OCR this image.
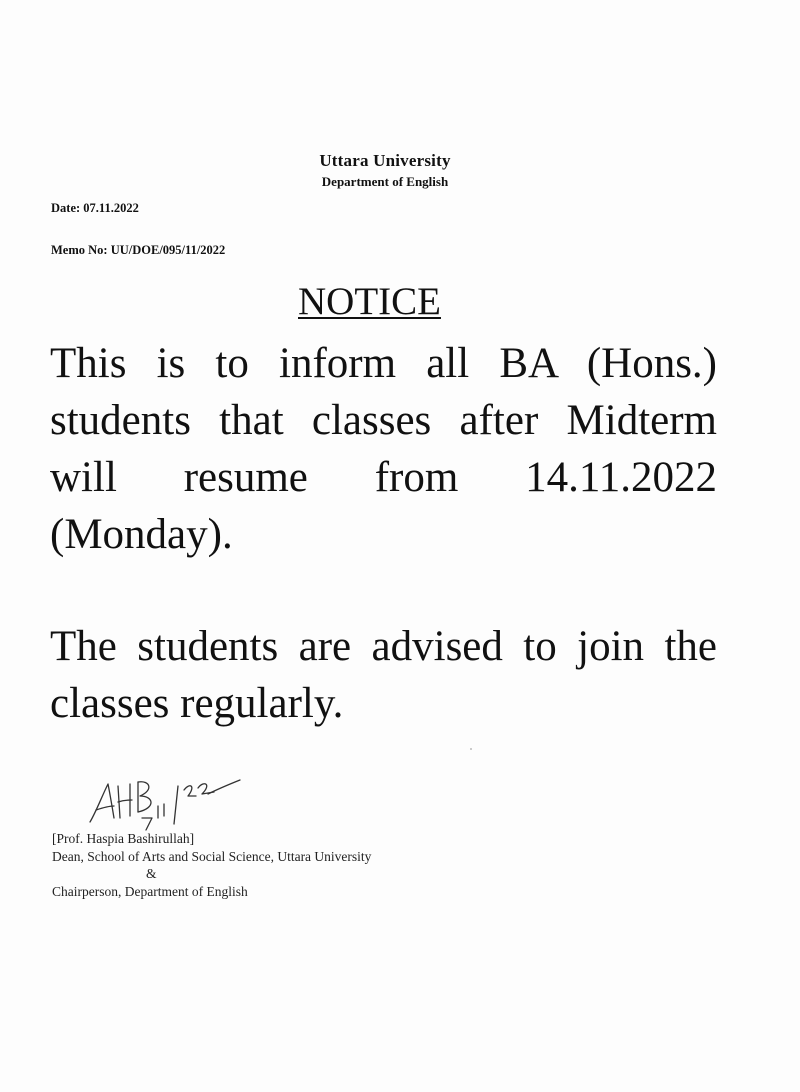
Uttara University
Department of English
Date: 07.11.2022
Memo No: UU/DOE/095/11/2022
NOTICE
This is to inform all BA (Hons.) students that classes after Midterm will resume from 14.11.2022 (Monday).
The students are advised to join the classes regularly.
[Prof. Haspia Bashirullah]
Dean, School of Arts and Social Science, Uttara University
&
Chairperson, Department of English
